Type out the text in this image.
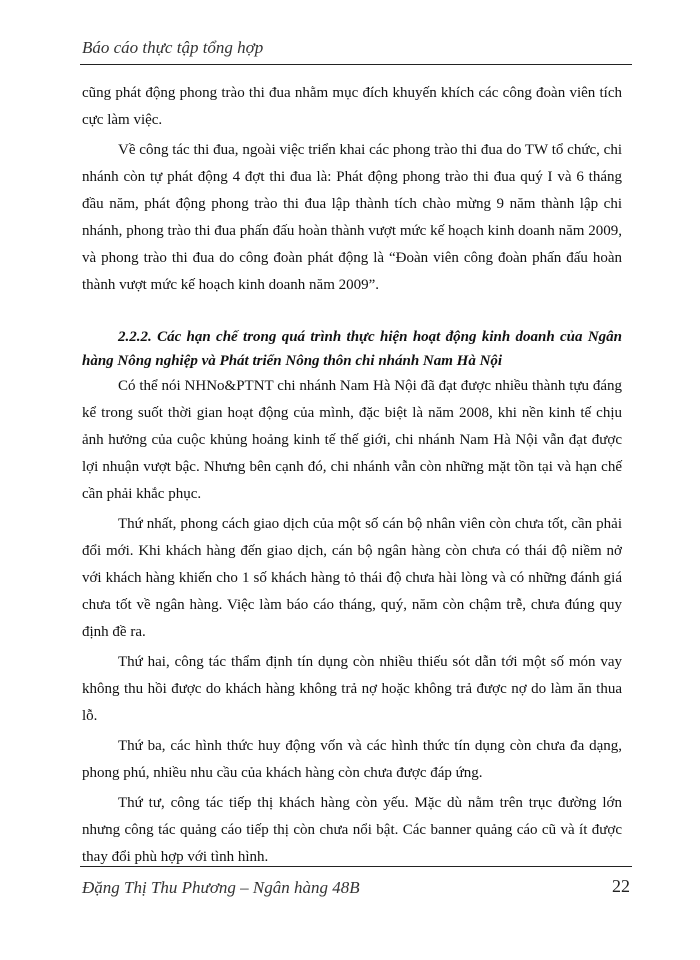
Báo cáo thực tập tổng hợp

cũng phát động phong trào thi đua nhằm mục đích khuyến khích các công đoàn viên tích cực làm việc.

Về công tác thi đua, ngoài việc triển khai các phong trào thi đua do TW tổ chức, chi nhánh còn tự phát động 4 đợt thi đua là: Phát động phong trào thi đua quý I và 6 tháng đầu năm, phát động phong trào thi đua lập thành tích chào mừng 9 năm thành lập chi nhánh, phong trào thi đua phấn đấu hoàn thành vượt mức kế hoạch kinh doanh năm 2009, và phong trào thi đua do công đoàn phát động là “Đoàn viên công đoàn phấn đấu hoàn thành vượt mức kế hoạch kinh doanh năm 2009”.

2.2.2. Các hạn chế trong quá trình thực hiện hoạt động kinh doanh của Ngân hàng Nông nghiệp và Phát triển Nông thôn chi nhánh Nam Hà Nội

Có thể nói NHNo&PTNT chi nhánh Nam Hà Nội đã đạt được nhiều thành tựu đáng kể trong suốt thời gian hoạt động của mình, đặc biệt là năm 2008, khi nền kinh tế chịu ảnh hưởng của cuộc khủng hoảng kinh tế thế giới, chi nhánh Nam Hà Nội vẫn đạt được lợi nhuận vượt bậc. Nhưng bên cạnh đó, chi nhánh vẫn còn những mặt tồn tại và hạn chế cần phải khắc phục.

Thứ nhất, phong cách giao dịch của một số cán bộ nhân viên còn chưa tốt, cần phải đổi mới. Khi khách hàng đến giao dịch, cán bộ ngân hàng còn chưa có thái độ niềm nở với khách hàng khiến cho 1 số khách hàng tỏ thái độ chưa hài lòng và có những đánh giá chưa tốt về ngân hàng. Việc làm báo cáo tháng, quý, năm còn chậm trễ, chưa đúng quy định đề ra.

Thứ hai, công tác thẩm định tín dụng còn nhiều thiếu sót dẫn tới một số món vay không thu hồi được do khách hàng không trả nợ hoặc không trả được nợ do làm ăn thua lỗ.

Thứ ba, các hình thức huy động vốn và các hình thức tín dụng còn chưa đa dạng, phong phú, nhiều nhu cầu của khách hàng còn chưa được đáp ứng.

Thứ tư, công tác tiếp thị khách hàng còn yếu. Mặc dù nằm trên trục đường lớn nhưng công tác quảng cáo tiếp thị còn chưa nổi bật. Các banner quảng cáo cũ và ít được thay đổi phù hợp với tình hình.

Đặng Thị Thu Phương – Ngân hàng 48B	22
